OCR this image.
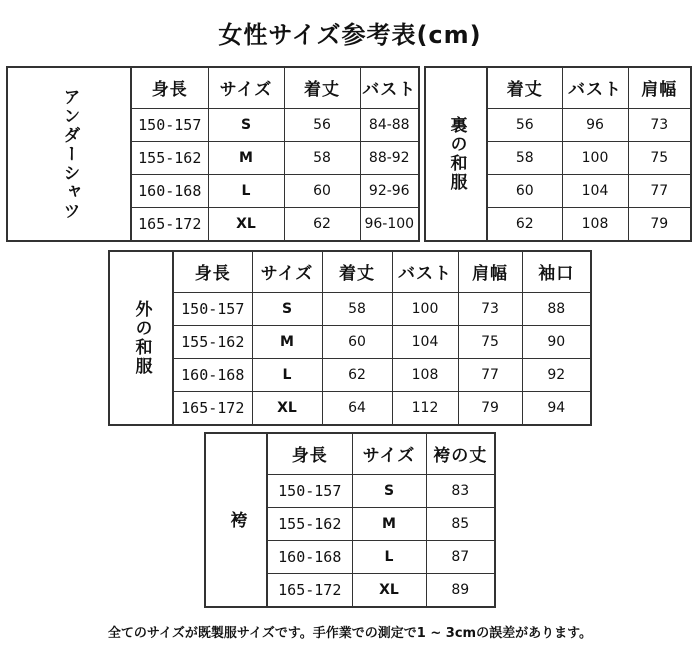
女性サイズ参考表(cm)
アンダーシャツ	身長	サイズ	着丈	バスト
150-157	S	56	84-88
155-162	M	58	88-92
160-168	L	60	92-96
165-172	XL	62	96-100
裏の和服
着丈	バスト	肩幅
56	96	73
58	100	75
60	104	77
62	108	79
外の和服
身長	サイズ	着丈	バスト	肩幅	袖口
150-157	S	58	100	73	88
155-162	M	60	104	75	90
160-168	L	62	108	77	92
165-172	XL	64	112	79	94
袴
身長	サイズ	袴の丈
150-157	S	83
155-162	M	85
160-168	L	87
165-172	XL	89
全てのサイズが既製服サイズです。手作業での測定で1 ~ 3cmの誤差があります。
